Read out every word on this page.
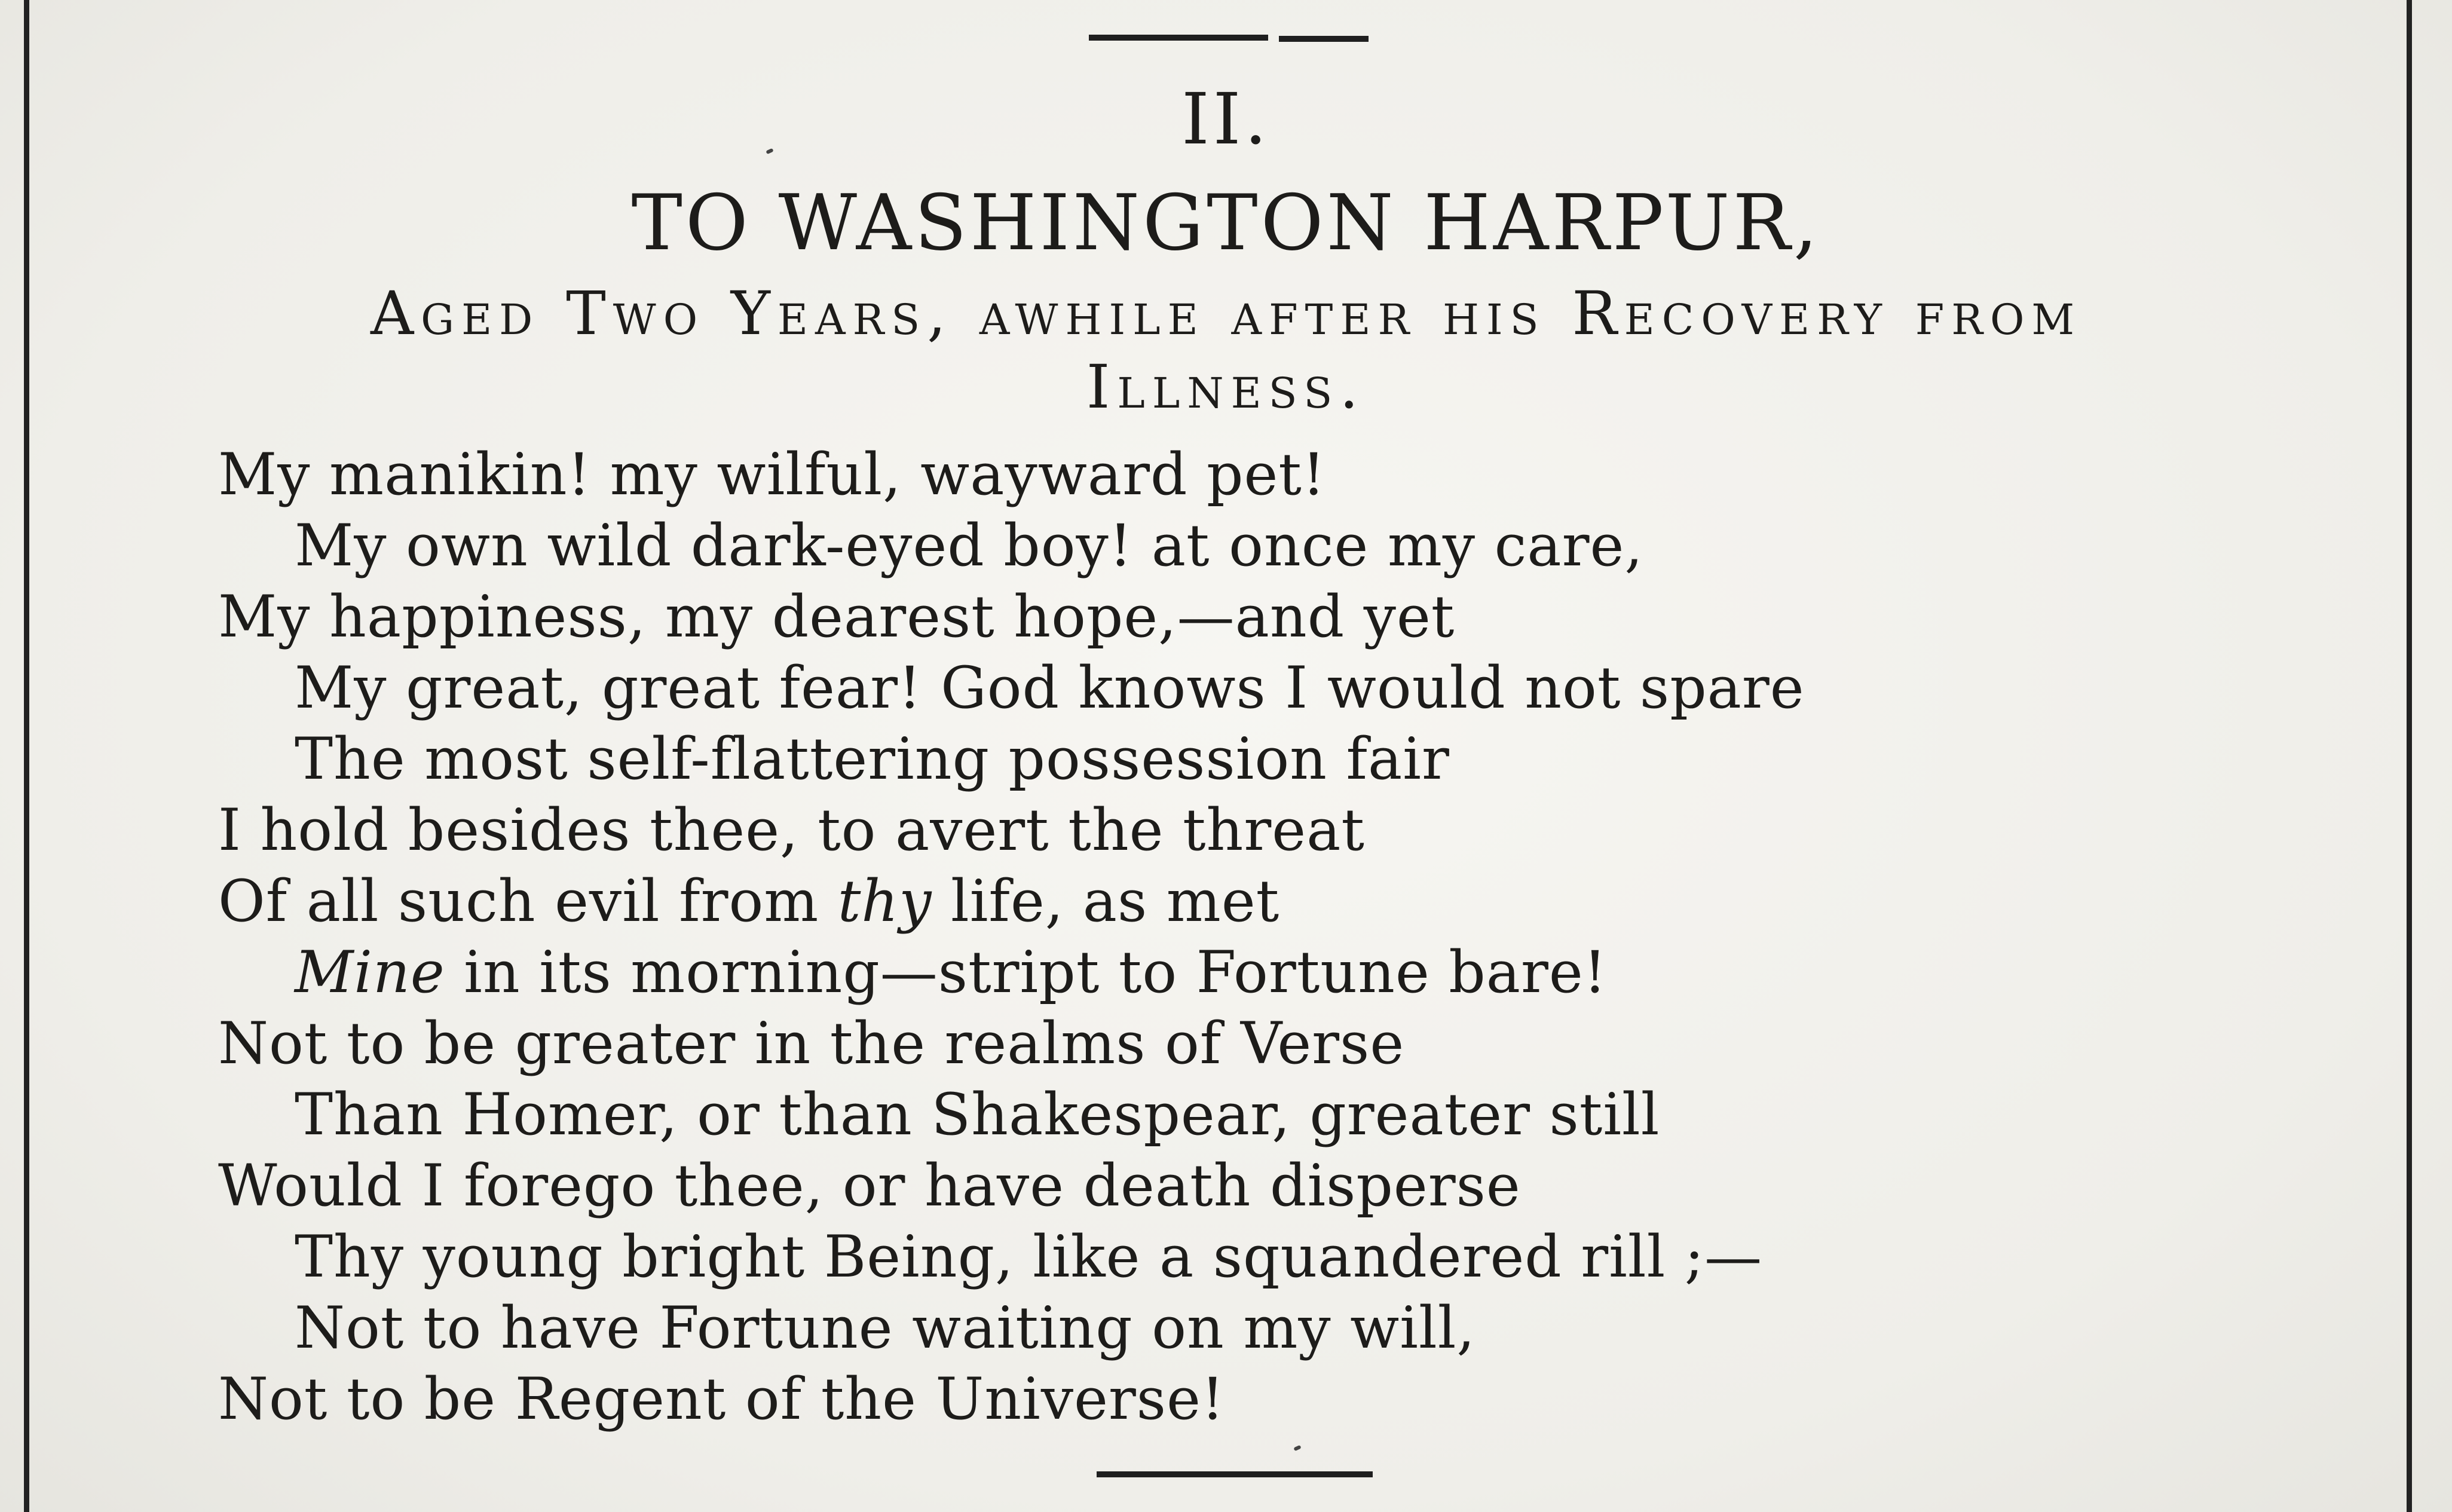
II.
TO WASHINGTON HARPUR,
Aged Two Years, awhile after his Recovery from
Illness.
My manikin! my wilful, wayward pet!
My own wild dark-eyed boy! at once my care,
My happiness, my dearest hope,—and yet
My great, great fear! God knows I would not spare
The most self-flattering possession fair
I hold besides thee, to avert the threat
Of all such evil from thy life, as met
Mine in its morning—stript to Fortune bare!
Not to be greater in the realms of Verse
Than Homer, or than Shakespear, greater still
Would I forego thee, or have death disperse
Thy young bright Being, like a squandered rill ;—
Not to have Fortune waiting on my will,
Not to be Regent of the Universe!
